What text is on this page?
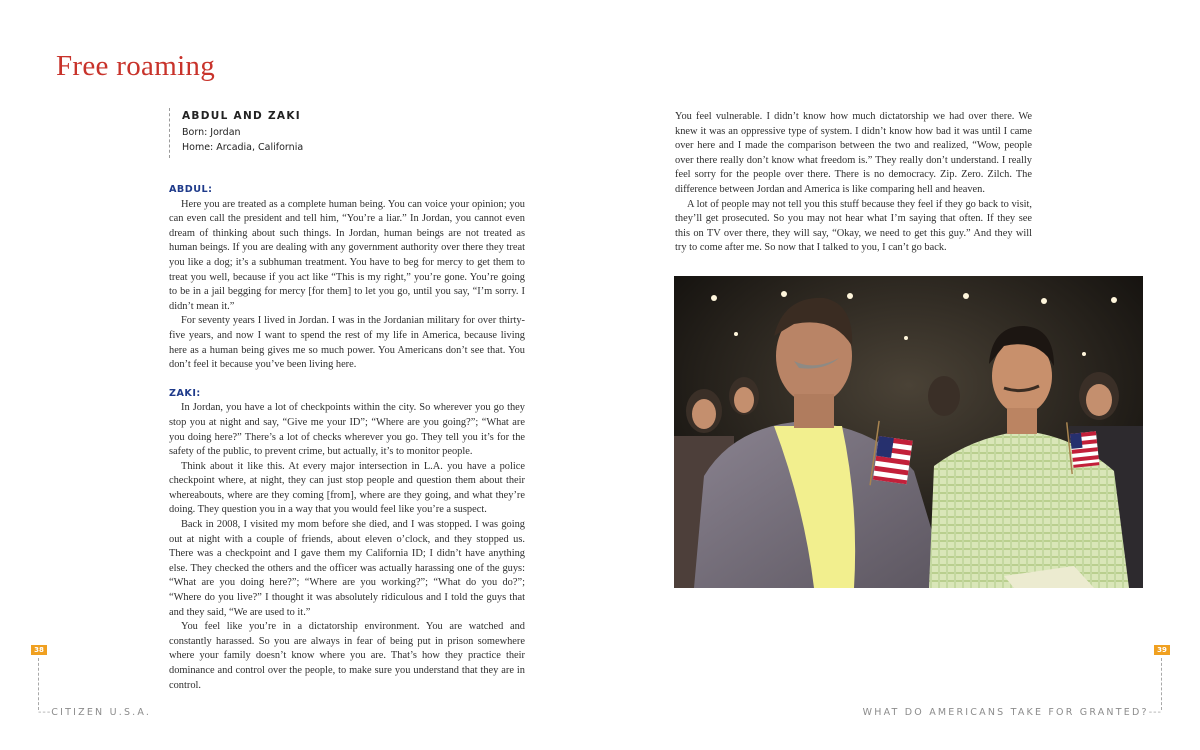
Free roaming
ABDUL AND ZAKI
Born: Jordan
Home: Arcadia, California

ABDUL:

Here you are treated as a complete human being. You can voice your opinion; you can even call the president and tell him, “You’re a liar.” In Jordan, you cannot even dream of thinking about such things. In Jordan, human beings are not treated as human beings. If you are dealing with any government authority over there they treat you like a dog; it’s a subhuman treatment. You have to beg for mercy to get them to treat you well, because if you act like “This is my right,” you’re gone. You’re going to be in a jail begging for mercy [for them] to let you go, until you say, “I’m sorry. I didn’t mean it.”

For seventy years I lived in Jordan. I was in the Jordanian military for over thirty-five years, and now I want to spend the rest of my life in America, because living here as a human being gives me so much power. You Americans don’t see that. You don’t feel it because you’ve been living here.

ZAKI:

In Jordan, you have a lot of checkpoints within the city. So wherever you go they stop you at night and say, “Give me your ID”; “Where are you going?”; “What are you doing here?” There’s a lot of checks wherever you go. They tell you it’s for the safety of the public, to prevent crime, but actually, it’s to monitor people.

Think about it like this. At every major intersection in L.A. you have a police checkpoint where, at night, they can just stop people and question them about their whereabouts, where are they coming [from], where are they going, and what they’re doing. They question you in a way that you would feel like you’re a suspect.

Back in 2008, I visited my mom before she died, and I was stopped. I was going out at night with a couple of friends, about eleven o’clock, and they stopped us. There was a checkpoint and I gave them my California ID; I didn’t have anything else. They checked the others and the officer was actually harassing one of the guys: “What are you doing here?”; “Where are you working?”; “What do you do?”; “Where do you live?” I thought it was absolutely ridiculous and I told the guys that and they said, “We are used to it.”

You feel like you’re in a dictatorship environment. You are watched and constantly harassed. So you are always in fear of being put in prison somewhere where your family doesn’t know where you are. That’s how they practice their dominance and control over the people, to make sure you understand that they are in control.

You feel vulnerable. I didn’t know how much dictatorship we had over there. We knew it was an oppressive type of system. I didn’t know how bad it was until I came over here and I made the comparison between the two and realized, “Wow, people over there really don’t know what freedom is.” They really don’t understand. I really feel sorry for the people over there. There is no democracy. Zip. Zero. Zilch. The difference between Jordan and America is like comparing hell and heaven.

A lot of people may not tell you this stuff because they feel if they go back to visit, they’ll get prosecuted. So you may not hear what I’m saying that often. If they see this on TV over there, they will say, “Okay, we need to get this guy.” And they will try to come after me. So now that I talked to you, I can’t go back.

38	39
---CITIZEN U.S.A.	WHAT DO AMERICANS TAKE FOR GRANTED?---
